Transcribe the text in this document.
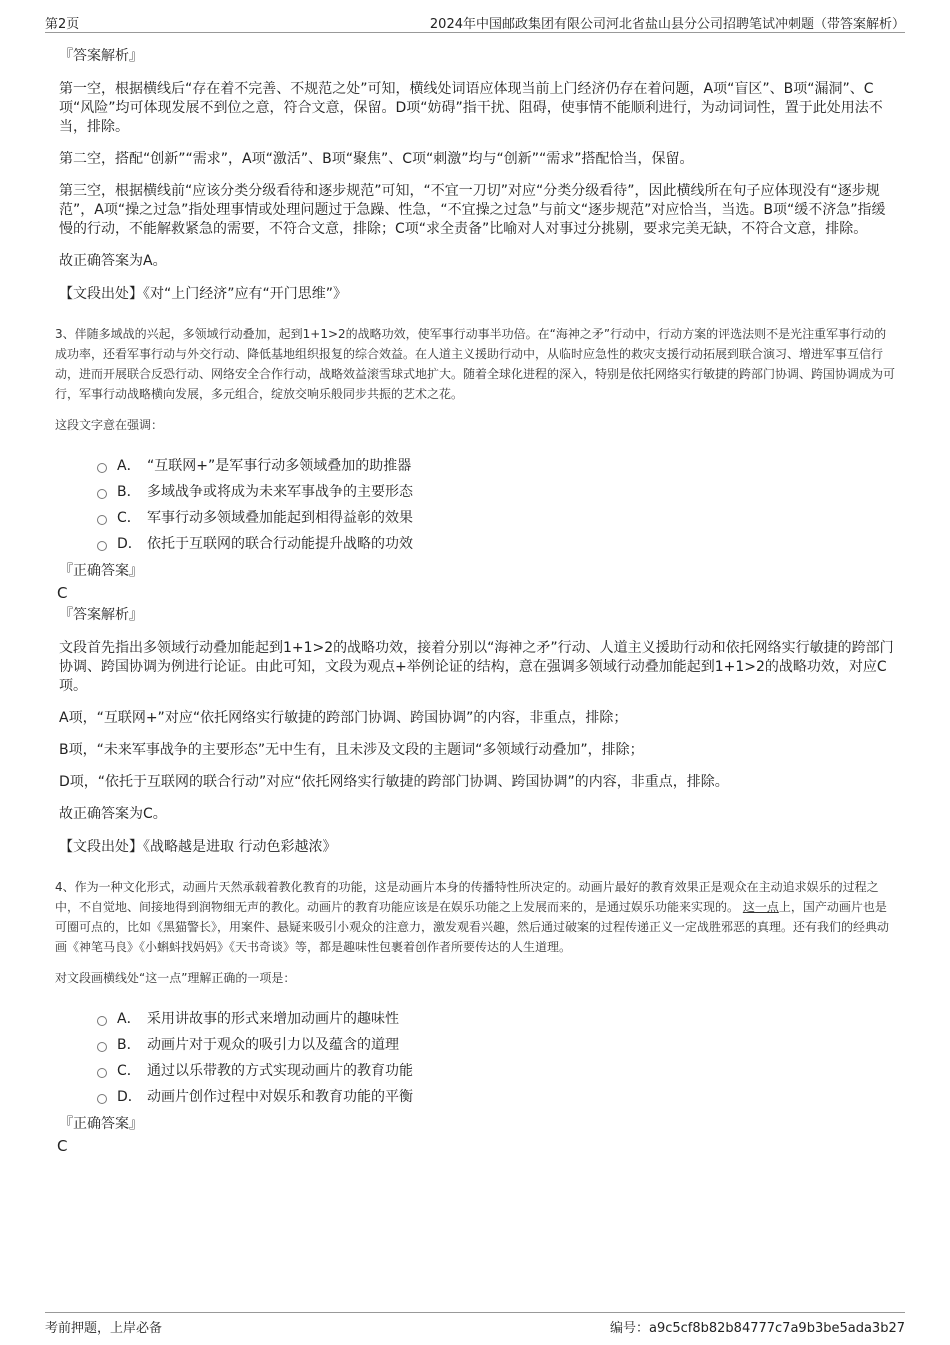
第2页	2024年中国邮政集团有限公司河北省盐山县分公司招聘笔试冲刺题（带答案解析）
『答案解析』

第一空，根据横线后“存在着不完善、不规范之处”可知，横线处词语应体现当前上门经济仍存在着问题，A项“盲区”、B项“漏洞”、C项“风险”均可体现发展不到位之意，符合文意，保留。D项“妨碍”指干扰、阻碍，使事情不能顺利进行，为动词词性，置于此处用法不当，排除。

第二空，搭配“创新”“需求”，A项“激活”、B项“聚焦”、C项“刺激”均与“创新”“需求”搭配恰当，保留。

第三空，根据横线前“应该分类分级看待和逐步规范”可知，“不宜一刀切”对应“分类分级看待”，因此横线所在句子应体现没有“逐步规范”，A项“操之过急”指处理事情或处理问题过于急躁、性急，“不宜操之过急”与前文“逐步规范”对应恰当，当选。B项“缓不济急”指缓慢的行动，不能解救紧急的需要，不符合文意，排除；C项“求全责备”比喻对人对事过分挑剔，要求完美无缺，不符合文意，排除。

故正确答案为A。

【文段出处】《对“上门经济”应有“开门思维”》

3、伴随多域战的兴起，多领域行动叠加，起到1+1>2的战略功效，使军事行动事半功倍。在“海神之矛”行动中，行动方案的评选法则不是光注重军事行动的成功率，还看军事行动与外交行动、降低基地组织报复的综合效益。在人道主义援助行动中，从临时应急性的救灾支援行动拓展到联合演习、增进军事互信行动，进而开展联合反恐行动、网络安全合作行动，战略效益滚雪球式地扩大。随着全球化进程的深入，特别是依托网络实行敏捷的跨部门协调、跨国协调成为可行，军事行动战略横向发展，多元组合，绽放交响乐般同步共振的艺术之花。

这段文字意在强调：

A． “互联网+”是军事行动多领域叠加的助推器
B． 多域战争或将成为未来军事战争的主要形态
C． 军事行动多领域叠加能起到相得益彰的效果
D． 依托于互联网的联合行动能提升战略的功效
『正确答案』
C
『答案解析』

文段首先指出多领域行动叠加能起到1+1>2的战略功效，接着分别以“海神之矛”行动、人道主义援助行动和依托网络实行敏捷的跨部门协调、跨国协调为例进行论证。由此可知，文段为观点+举例论证的结构，意在强调多领域行动叠加能起到1+1>2的战略功效，对应C项。

A项，“互联网+”对应“依托网络实行敏捷的跨部门协调、跨国协调”的内容，非重点，排除；

B项，“未来军事战争的主要形态”无中生有，且未涉及文段的主题词“多领域行动叠加”，排除；

D项，“依托于互联网的联合行动”对应“依托网络实行敏捷的跨部门协调、跨国协调”的内容，非重点，排除。

故正确答案为C。

【文段出处】《战略越是进取 行动色彩越浓》

4、作为一种文化形式，动画片天然承载着教化教育的功能，这是动画片本身的传播特性所决定的。动画片最好的教育效果正是观众在主动追求娱乐的过程之中，不自觉地、间接地得到润物细无声的教化。动画片的教育功能应该是在娱乐功能之上发展而来的，是通过娱乐功能来实现的。 这一点上，国产动画片也是可圈可点的，比如《黑猫警长》，用案件、悬疑来吸引小观众的注意力，激发观看兴趣，然后通过破案的过程传递正义一定战胜邪恶的真理。还有我们的经典动画《神笔马良》《小蝌蚪找妈妈》《天书奇谈》等，都是趣味性包裹着创作者所要传达的人生道理。

对文段画横线处“这一点”理解正确的一项是：

A． 采用讲故事的形式来增加动画片的趣味性
B． 动画片对于观众的吸引力以及蕴含的道理
C． 通过以乐带教的方式实现动画片的教育功能
D． 动画片创作过程中对娱乐和教育功能的平衡
『正确答案』
C
考前押题，上岸必备	编号：a9c5cf8b82b84777c7a9b3be5ada3b27
